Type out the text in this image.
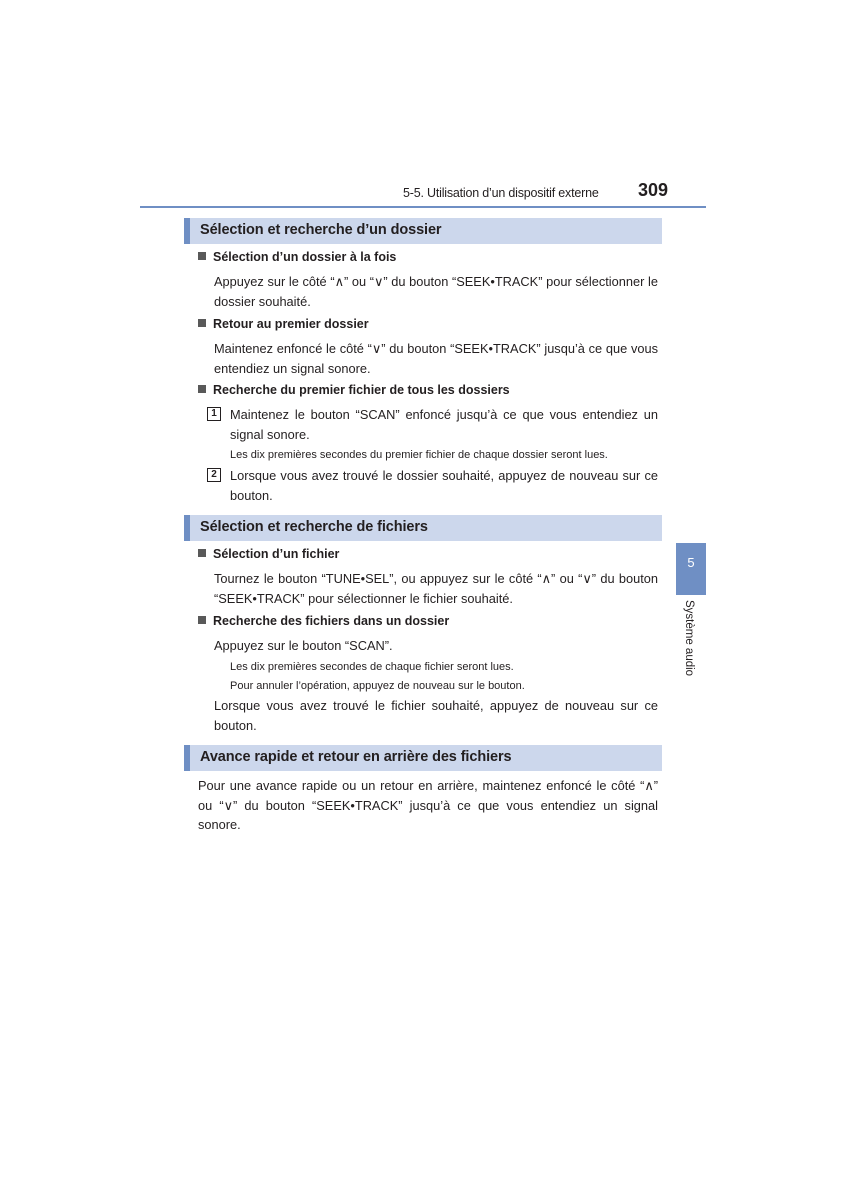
5-5. Utilisation d’un dispositif externe 309
Sélection et recherche d’un dossier
Sélection d’un dossier à la fois
Appuyez sur le côté “∧” ou “∨” du bouton “SEEK•TRACK” pour sélectionner le dossier souhaité.
Retour au premier dossier
Maintenez enfoncé le côté “∨” du bouton “SEEK•TRACK” jusqu’à ce que vous entendiez un signal sonore.
Recherche du premier fichier de tous les dossiers
1	Maintenez le bouton “SCAN” enfoncé jusqu’à ce que vous entendiez un signal sonore.
Les dix premières secondes du premier fichier de chaque dossier seront lues.
2	Lorsque vous avez trouvé le dossier souhaité, appuyez de nouveau sur ce bouton.
Sélection et recherche de fichiers
Sélection d’un fichier
Tournez le bouton “TUNE•SEL”, ou appuyez sur le côté “∧” ou “∨” du bouton “SEEK•TRACK” pour sélectionner le fichier souhaité.
Recherche des fichiers dans un dossier
Appuyez sur le bouton “SCAN”.
Les dix premières secondes de chaque fichier seront lues.
Pour annuler l’opération, appuyez de nouveau sur le bouton.
Lorsque vous avez trouvé le fichier souhaité, appuyez de nouveau sur ce bouton.
Avance rapide et retour en arrière des fichiers
Pour une avance rapide ou un retour en arrière, maintenez enfoncé le côté “∧” ou “∨” du bouton “SEEK•TRACK” jusqu’à ce que vous entendiez un signal sonore.
5
Système audio
